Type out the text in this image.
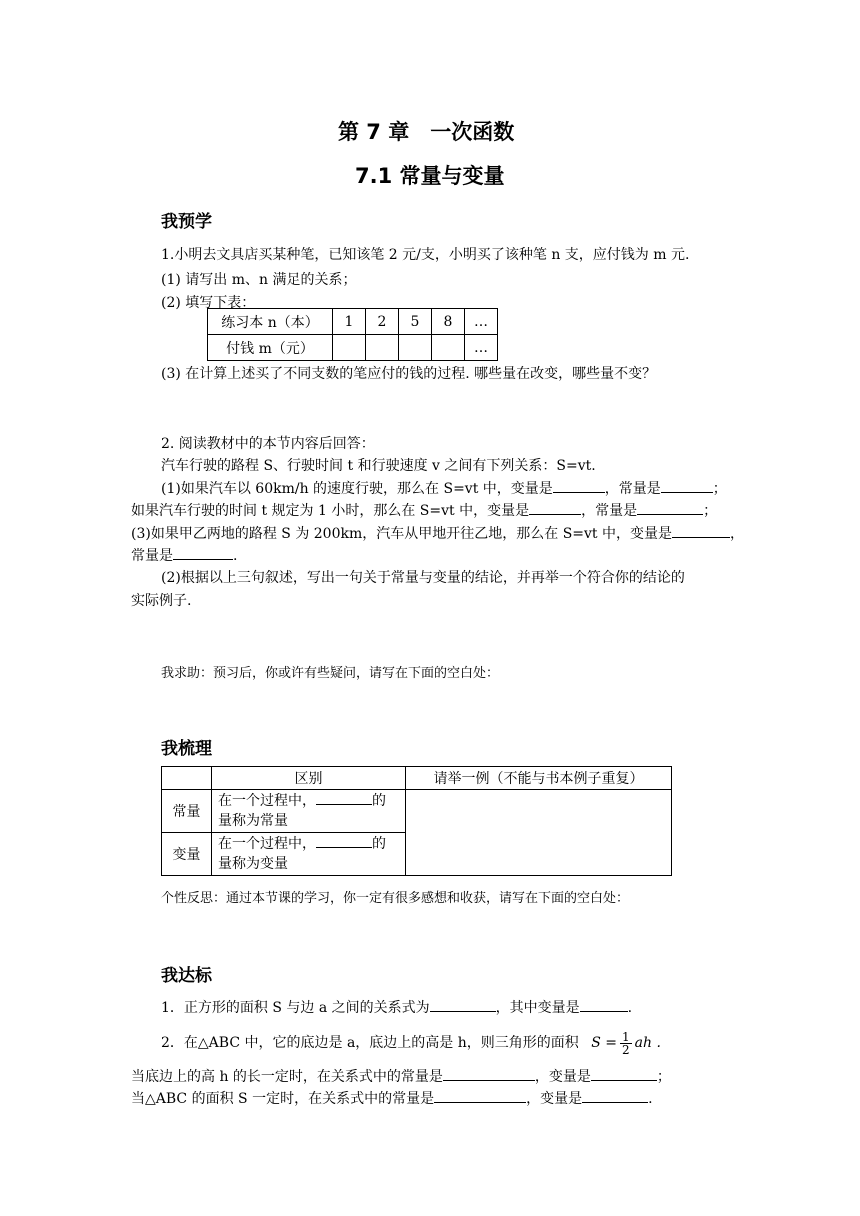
第 7 章　一次函数
7.1 常量与变量
我预学
1.小明去文具店买某种笔，已知该笔 2 元/支，小明买了该种笔 n 支，应付钱为 m 元.
(1) 请写出 m、n 满足的关系；
(2) 填写下表：
练习本 n（本）	1	2	5	8	…
付钱 m（元）					…
(3) 在计算上述买了不同支数的笔应付的钱的过程. 哪些量在改变，哪些量不变？
2. 阅读教材中的本节内容后回答：
汽车行驶的路程 S、行驶时间 t 和行驶速度 v 之间有下列关系：S=vt.
(1)如果汽车以 60km/h 的速度行驶，那么在 S=vt 中，变量是	，常量是	；
如果汽车行驶的时间 t 规定为 1 小时，那么在 S=vt 中，变量是	，常量是	；
(3)如果甲乙两地的路程 S 为 200km，汽车从甲地开往乙地，那么在 S=vt 中，变量是	，
常量是	.
(2)根据以上三句叙述，写出一句关于常量与变量的结论，并再举一个符合你的结论的
实际例子.
我求助：预习后，你或许有些疑问，请写在下面的空白处：
我梳理
	区别	请举一例（不能与书本例子重复）
常量	在一个过程中， 的
量称为常量	
变量	在一个过程中， 的
量称为变量	
个性反思：通过本节课的学习，你一定有很多感想和收获，请写在下面的空白处：
我达标
1．正方形的面积 S 与边 a 之间的关系式为	，其中变量是	.
2．在△ABC 中，它的底边是 a，底边上的高是 h，则三角形的面积 $S = \frac{1}{2}$ ah .
当底边上的高 h 的长一定时，在关系式中的常量是	，变量是	；
当△ABC 的面积 S 一定时，在关系式中的常量是	，变量是	.
